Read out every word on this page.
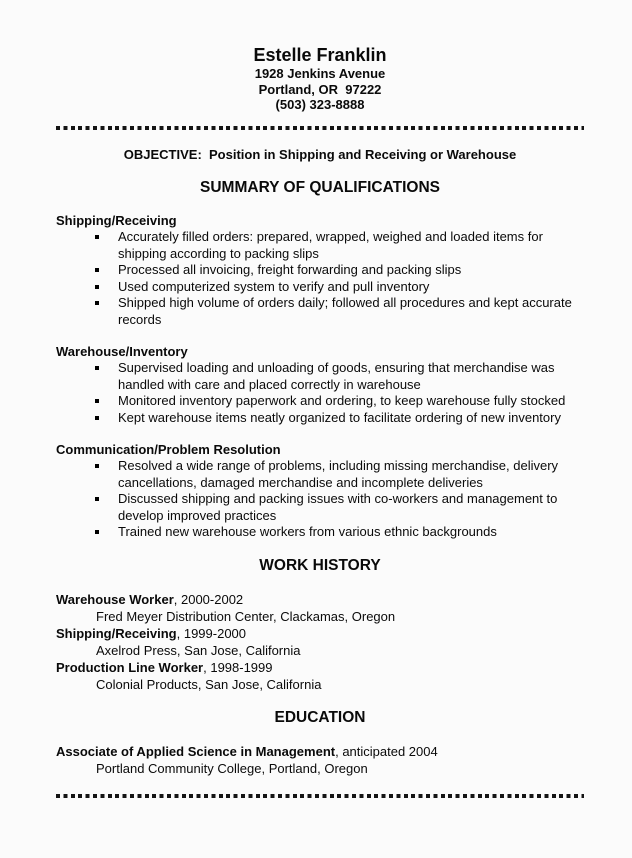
Estelle Franklin
1928 Jenkins Avenue
Portland, OR  97222
(503) 323-8888
OBJECTIVE:  Position in Shipping and Receiving or Warehouse
SUMMARY OF QUALIFICATIONS
Shipping/Receiving
Accurately filled orders: prepared, wrapped, weighed and loaded items for shipping according to packing slips
Processed all invoicing, freight forwarding and packing slips
Used computerized system to verify and pull inventory
Shipped high volume of orders daily; followed all procedures and kept accurate records
Warehouse/Inventory
Supervised loading and unloading of goods, ensuring that merchandise was handled with care and placed correctly in warehouse
Monitored inventory paperwork and ordering, to keep warehouse fully stocked
Kept warehouse items neatly organized to facilitate ordering of new inventory
Communication/Problem Resolution
Resolved a wide range of problems, including missing merchandise, delivery cancellations, damaged merchandise and incomplete deliveries
Discussed shipping and packing issues with co-workers and management to develop improved practices
Trained new warehouse workers from various ethnic backgrounds
WORK HISTORY
Warehouse Worker, 2000-2002
Fred Meyer Distribution Center, Clackamas, Oregon
Shipping/Receiving, 1999-2000
Axelrod Press, San Jose, California
Production Line Worker, 1998-1999
Colonial Products, San Jose, California
EDUCATION
Associate of Applied Science in Management, anticipated 2004
Portland Community College, Portland, Oregon
